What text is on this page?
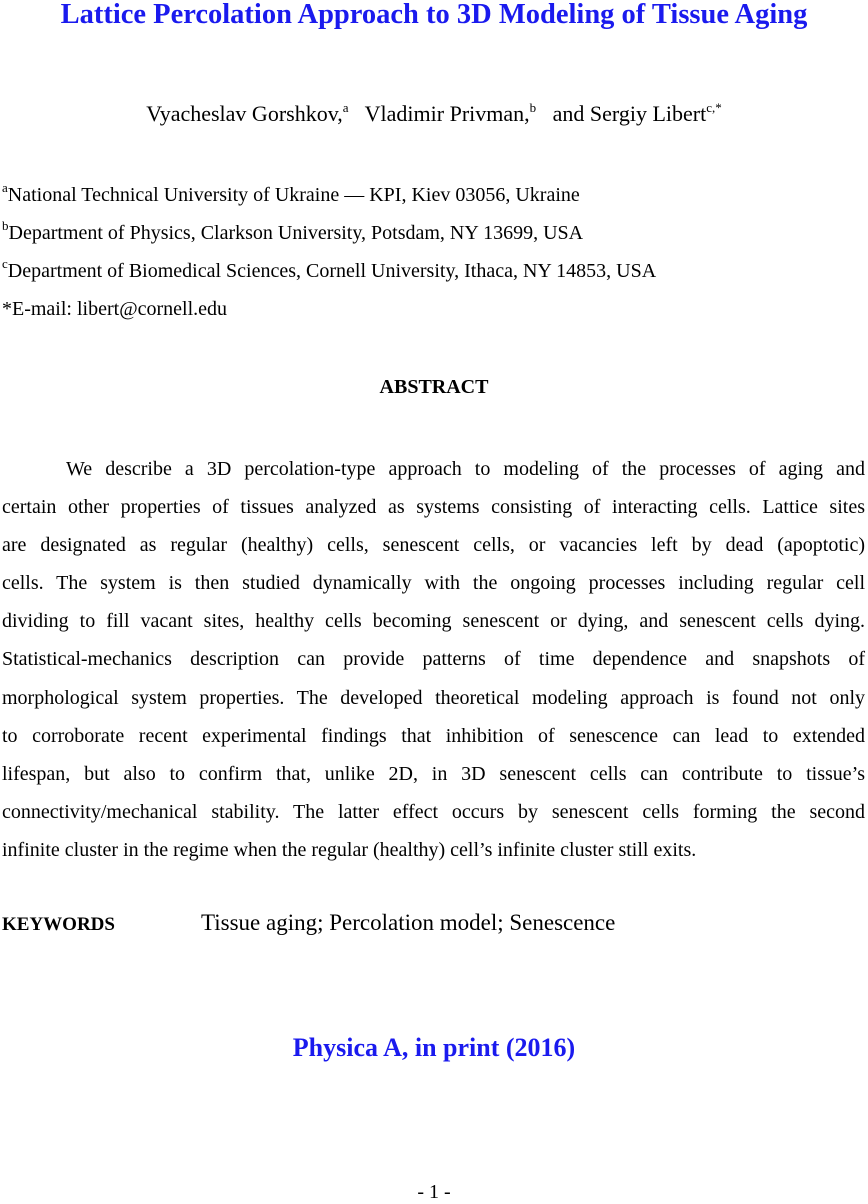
Lattice Percolation Approach to 3D Modeling of Tissue Aging
Vyacheslav Gorshkov,$^a$ Vladimir Privman,$^b$ and Sergiy Libert$^{c,*}$
$^a$National Technical University of Ukraine — KPI, Kiev 03056, Ukraine
$^b$Department of Physics, Clarkson University, Potsdam, NY 13699, USA
$^c$Department of Biomedical Sciences, Cornell University, Ithaca, NY 14853, USA
*E-mail: libert@cornell.edu
ABSTRACT
We describe a 3D percolation-type approach to modeling of the processes of aging and
certain other properties of tissues analyzed as systems consisting of interacting cells. Lattice sites
are designated as regular (healthy) cells, senescent cells, or vacancies left by dead (apoptotic)
cells. The system is then studied dynamically with the ongoing processes including regular cell
dividing to fill vacant sites, healthy cells becoming senescent or dying, and senescent cells dying.
Statistical-mechanics description can provide patterns of time dependence and snapshots of
morphological system properties. The developed theoretical modeling approach is found not only
to corroborate recent experimental findings that inhibition of senescence can lead to extended
lifespan, but also to confirm that, unlike 2D, in 3D senescent cells can contribute to tissue’s
connectivity/mechanical stability. The latter effect occurs by senescent cells forming the second
infinite cluster in the regime when the regular (healthy) cell’s infinite cluster still exits.
KEYWORDS	Tissue aging; Percolation model; Senescence
Physica A, in print (2016)
- 1 -
